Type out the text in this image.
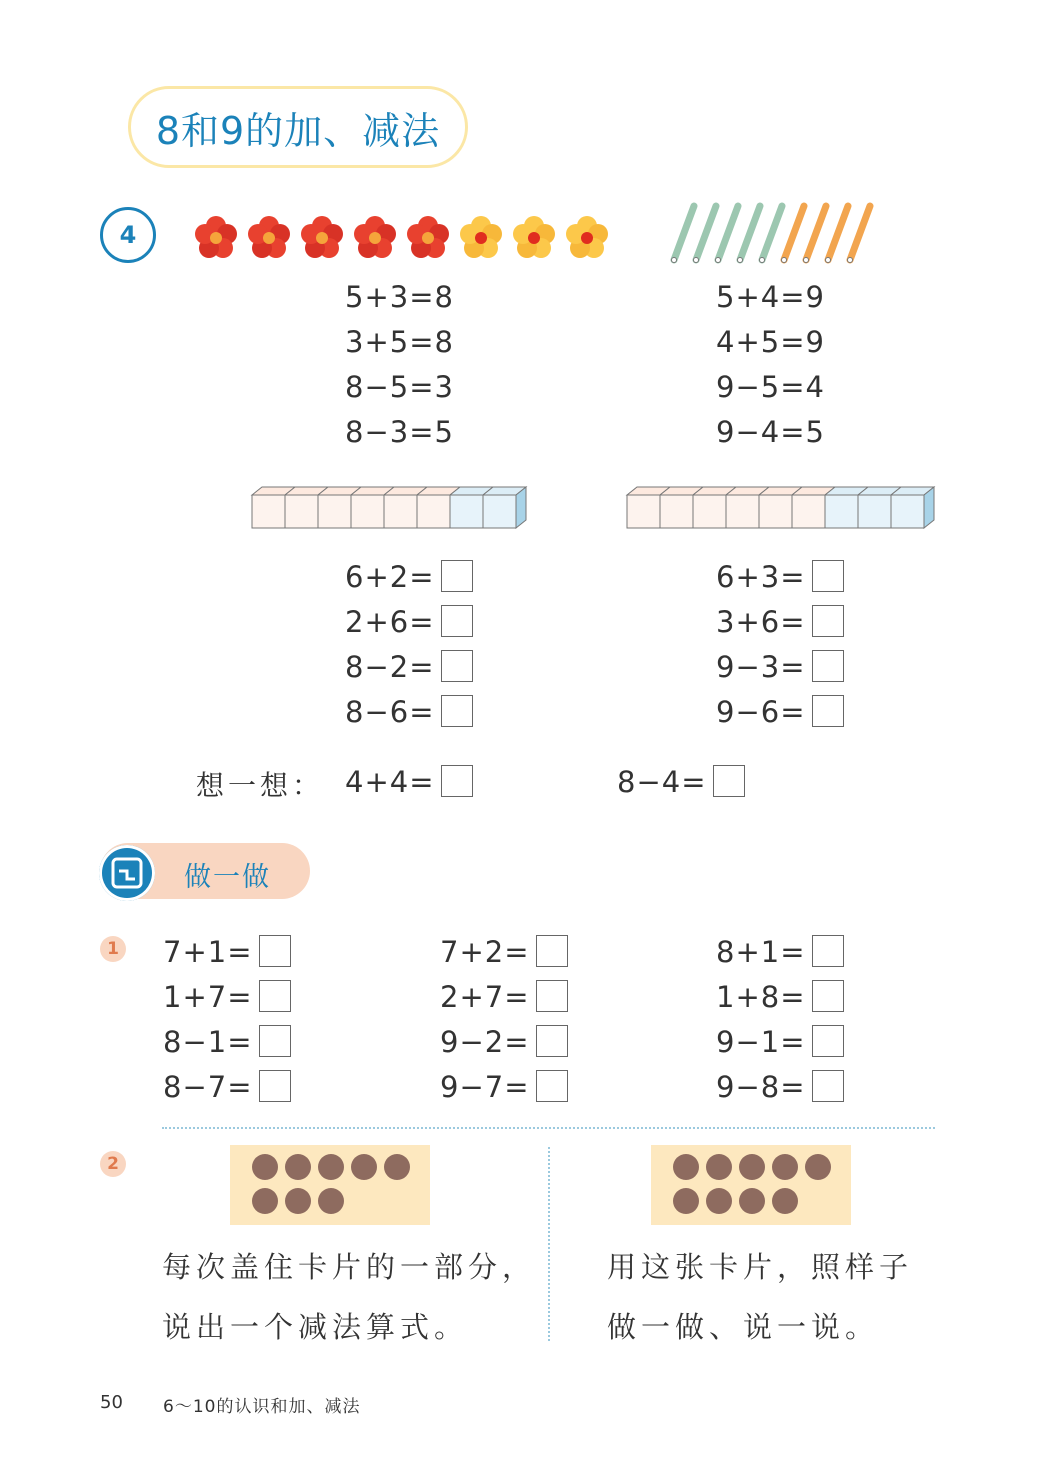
8和9的加、减法
4
5+3=8
3+5=8
8−5=3
8−3=5
5+4=9
4+5=9
9−5=4
9−4=5
6+2=
2+6=
8−2=
8−6=
6+3=
3+6=
9−3=
9−6=
想一想： 4+4=	8−4=
做一做
1 7+1=
1+7=
8−1=
8−7=
7+2=
2+7=
9−2=
9−7=
8+1=
1+8=
9−1=
9−8=
2
每次盖住卡片的一部分，
说出一个减法算式。
用这张卡片，照样子
做一做、说一说。
50 6～10的认识和加、减法
